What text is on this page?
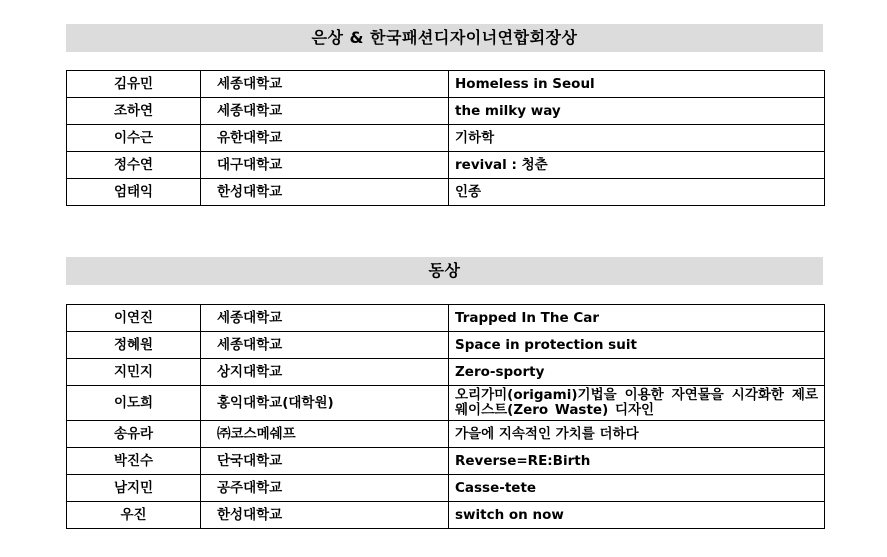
은상 & 한국패션디자이너연합회장상
김유민	세종대학교	Homeless in Seoul
조하연	세종대학교	the milky way
이수근	유한대학교	기하학
정수연	대구대학교	revival : 청춘
엄태익	한성대학교	인종
동상
이연진	세종대학교	Trapped In The Car
정혜원	세종대학교	Space in protection suit
지민지	상지대학교	Zero-sporty
이도희	홍익대학교(대학원)	오리가미(origami)기법을 이용한 자연물을 시각화한 제로 웨이스트(Zero Waste) 디자인
송유라	㈜코스메쉐프	가을에 지속적인 가치를 더하다
박진수	단국대학교	Reverse=RE:Birth
남지민	공주대학교	Casse-tete
우진	한성대학교	switch on now
